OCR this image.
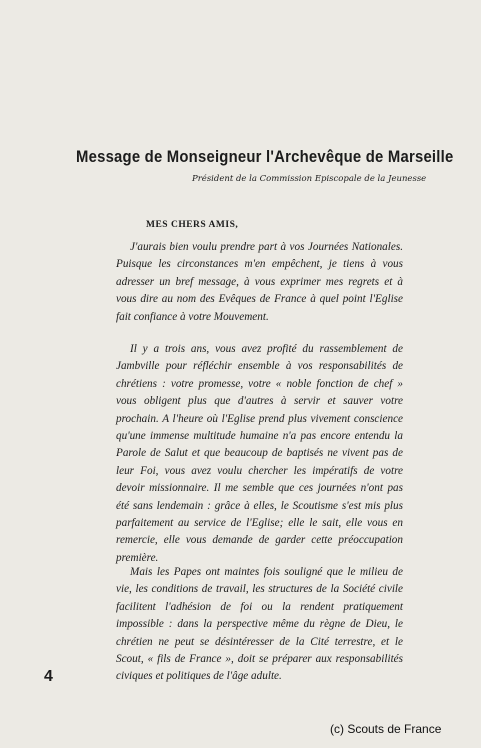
Message de Monseigneur l'Archevêque de Marseille
Président de la Commission Episcopale de la Jeunesse
MES CHERS AMIS,

J'aurais bien voulu prendre part à vos Journées Nationales. Puisque les circonstances m'en empêchent, je tiens à vous adresser un bref message, à vous exprimer mes regrets et à vous dire au nom des Evêques de France à quel point l'Eglise fait confiance à votre Mouvement.

Il y a trois ans, vous avez profité du rassemblement de Jambville pour réfléchir ensemble à vos responsabilités de chrétiens : votre promesse, votre « noble fonction de chef » vous obligent plus que d'autres à servir et sauver votre prochain. A l'heure où l'Eglise prend plus vivement conscience qu'une immense multitude humaine n'a pas encore entendu la Parole de Salut et que beaucoup de baptisés ne vivent pas de leur Foi, vous avez voulu chercher les impératifs de votre devoir missionnaire. Il me semble que ces journées n'ont pas été sans lendemain : grâce à elles, le Scoutisme s'est mis plus parfaitement au service de l'Eglise; elle le sait, elle vous en remercie, elle vous demande de garder cette préoccupation première.

Mais les Papes ont maintes fois souligné que le milieu de vie, les conditions de travail, les structures de la Société civile facilitent l'adhésion de foi ou la rendent pratiquement impossible : dans la perspective même du règne de Dieu, le chrétien ne peut se désintéresser de la Cité terrestre, et le Scout, « fils de France », doit se préparer aux responsabilités civiques et politiques de l'âge adulte.

4
(c) Scouts de France
